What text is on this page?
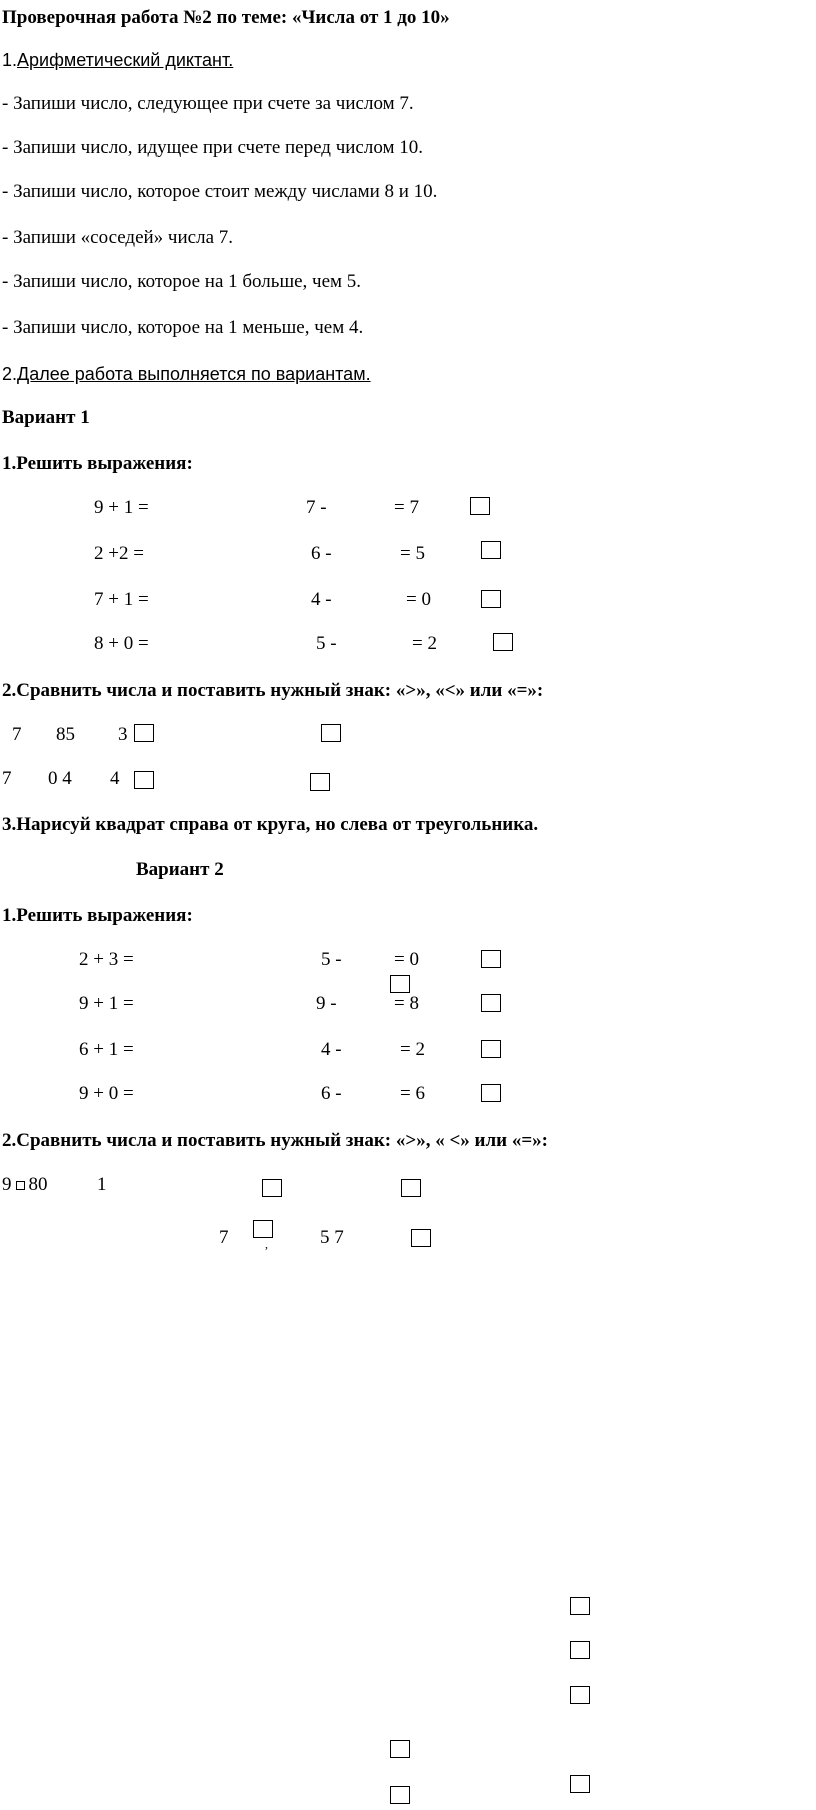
Проверочная работа №2 по теме: «Числа от 1 до 10»
1.Арифметический диктант.
- Запиши число, следующее при счете за числом 7.
- Запиши число, идущее при счете перед числом 10.
- Запиши число, которое стоит между числами 8 и 10.
- Запиши «соседей» числа 7.
- Запиши число, которое на 1 больше, чем 5.
- Запиши число, которое на 1 меньше, чем 4.
2.Далее работа выполняется по вариантам.
Вариант 1
1.Решить выражения:
9 + 1 =	7 -	= 7
2 +2 =	6 -	= 5
7 + 1 =	4 -	= 0
8 + 0 =	5 -	= 2
2.Сравнить числа и поставить нужный знак: «>», «<» или «=»:
7 85 3
7 0 4 4
3.Нарисуй квадрат справа от круга, но слева от треугольника.
Вариант 2
1.Решить выражения:
2 + 3 =	5 -	= 0
9 + 1 =	9 -	= 8
6 + 1 =	4 -	= 2
9 + 0 =	6 -	= 6
2.Сравнить числа и поставить нужный знак: «>», « <» или «=»:
9 80	1
7	,	5 7
